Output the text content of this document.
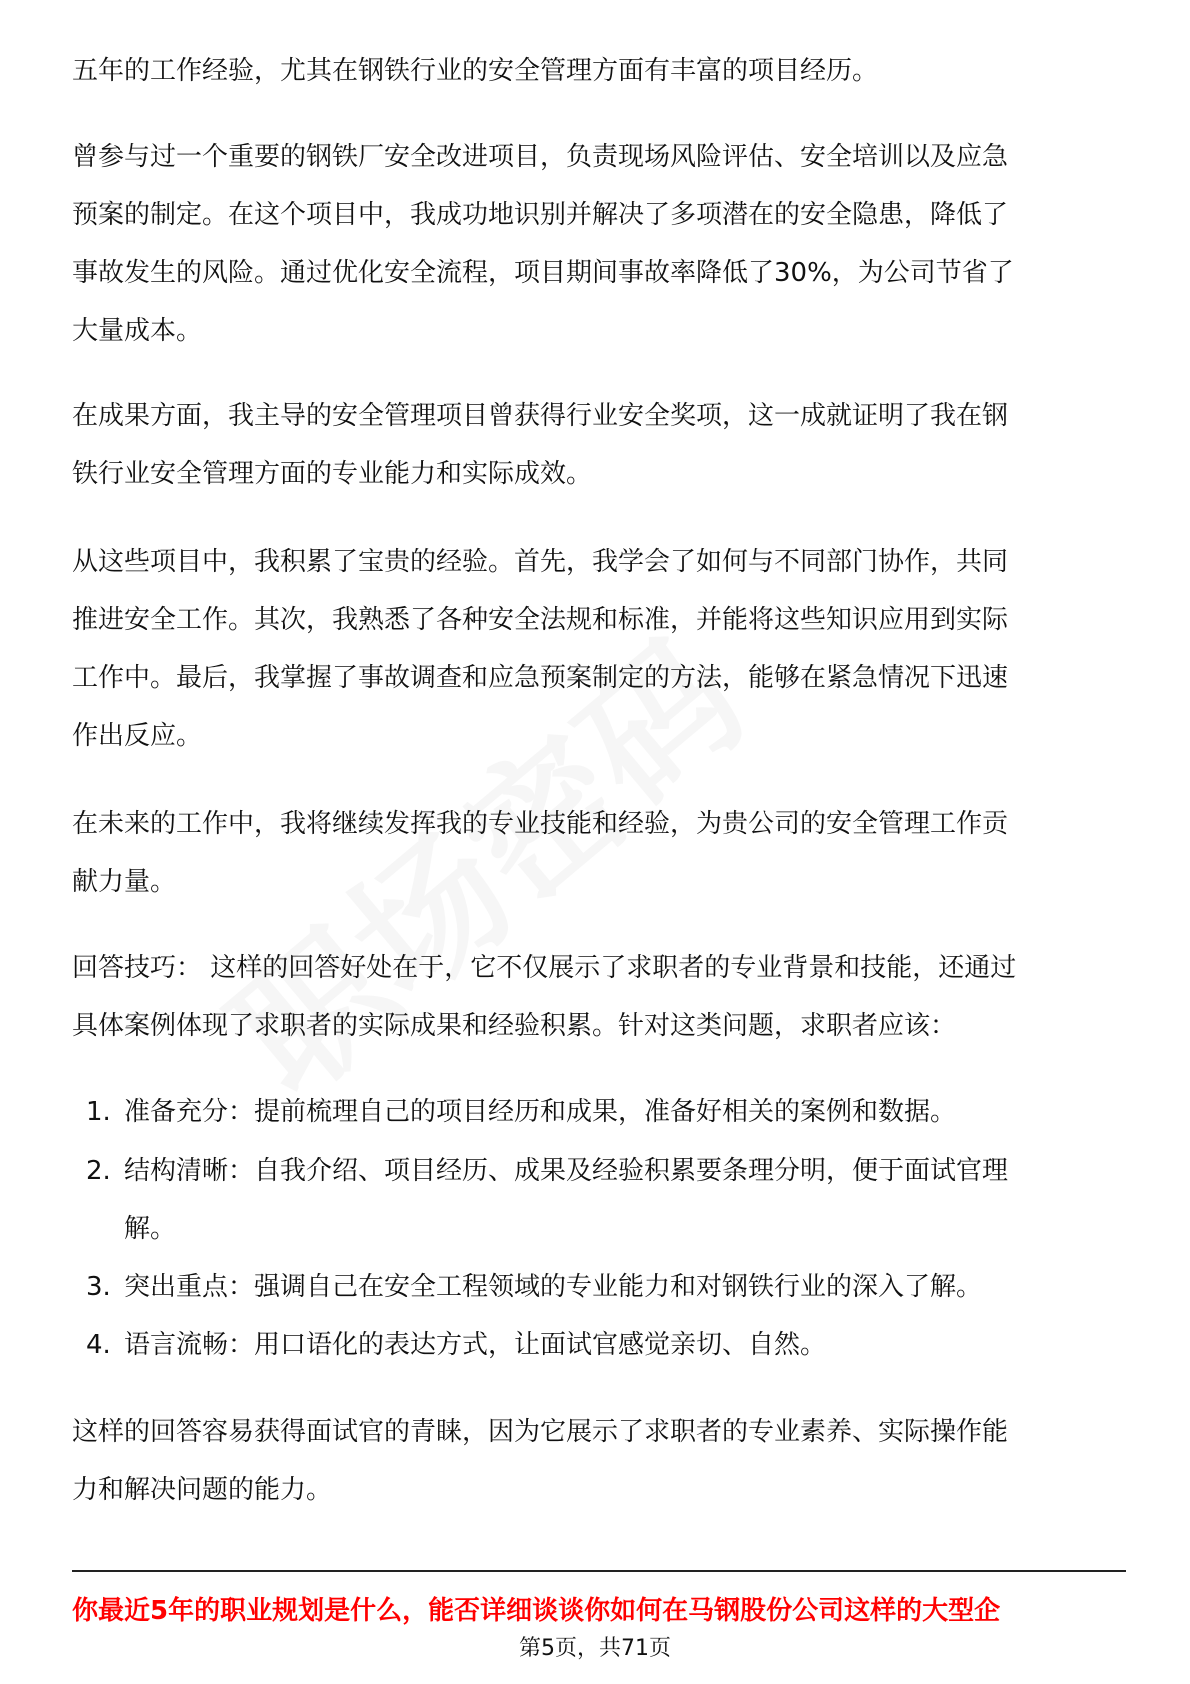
五年的工作经验，尤其在钢铁行业的安全管理方面有丰富的项目经历。
曾参与过一个重要的钢铁厂安全改进项目，负责现场风险评估、安全培训以及应急
预案的制定。在这个项目中，我成功地识别并解决了多项潜在的安全隐患，降低了
事故发生的风险。通过优化安全流程，项目期间事故率降低了30%，为公司节省了
大量成本。
在成果方面，我主导的安全管理项目曾获得行业安全奖项，这一成就证明了我在钢
铁行业安全管理方面的专业能力和实际成效。
从这些项目中，我积累了宝贵的经验。首先，我学会了如何与不同部门协作，共同
推进安全工作。其次，我熟悉了各种安全法规和标准，并能将这些知识应用到实际
工作中。最后，我掌握了事故调查和应急预案制定的方法，能够在紧急情况下迅速
作出反应。
在未来的工作中，我将继续发挥我的专业技能和经验，为贵公司的安全管理工作贡
献力量。
回答技巧： 这样的回答好处在于，它不仅展示了求职者的专业背景和技能，还通过
具体案例体现了求职者的实际成果和经验积累。针对这类问题，求职者应该：
1. 准备充分：提前梳理自己的项目经历和成果，准备好相关的案例和数据。
2. 结构清晰：自我介绍、项目经历、成果及经验积累要条理分明，便于面试官理
解。
3. 突出重点：强调自己在安全工程领域的专业能力和对钢铁行业的深入了解。
4. 语言流畅：用口语化的表达方式，让面试官感觉亲切、自然。
这样的回答容易获得面试官的青睐，因为它展示了求职者的专业素养、实际操作能
力和解决问题的能力。
你最近5年的职业规划是什么，能否详细谈谈你如何在马钢股份公司这样的大型企
第5页，共71页
